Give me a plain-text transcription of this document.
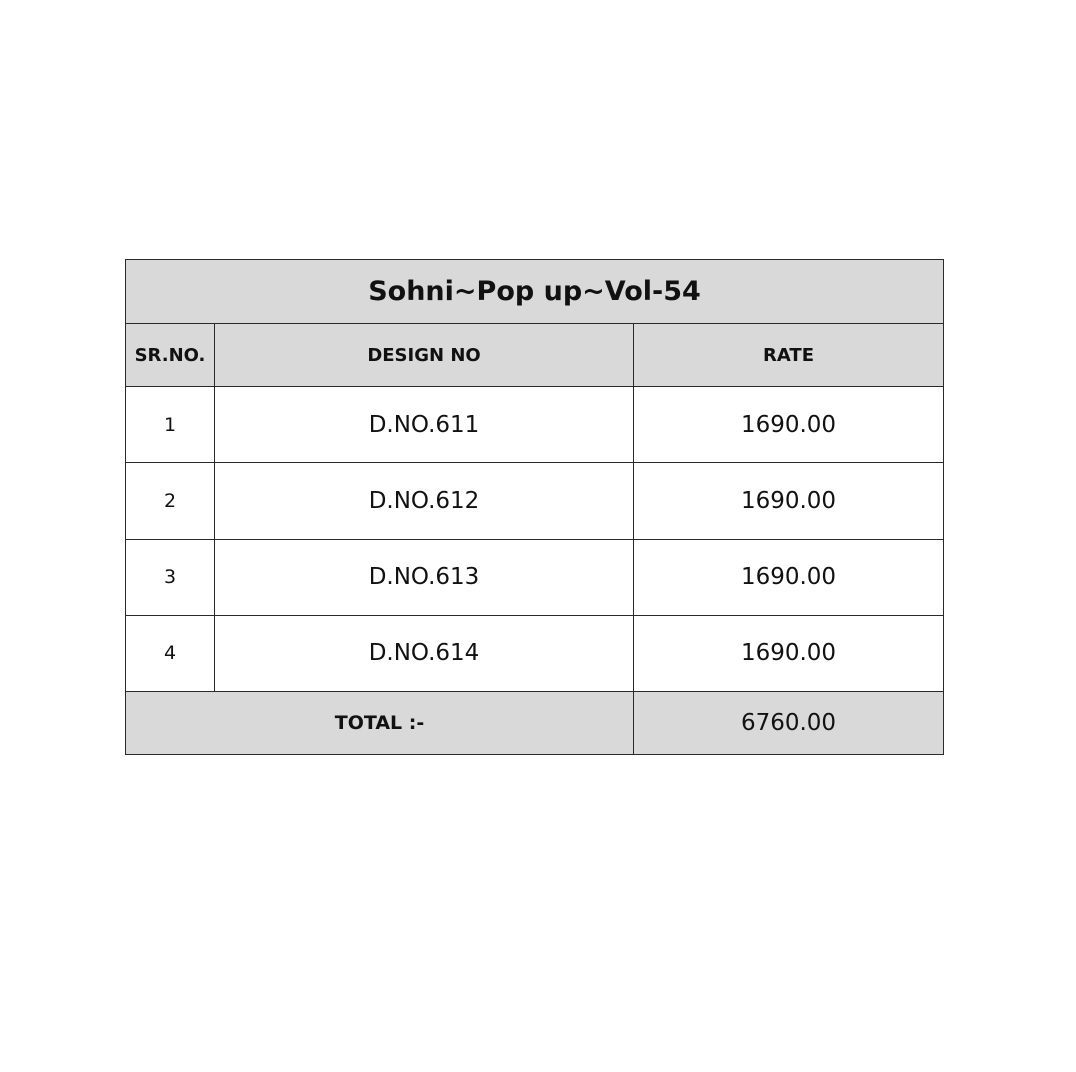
Sohni~Pop up~Vol-54		
SR.NO.	DESIGN NO	RATE
1	D.NO.611	1690.00
2	D.NO.612	1690.00
3	D.NO.613	1690.00
4	D.NO.614	1690.00
TOTAL :-		6760.00
